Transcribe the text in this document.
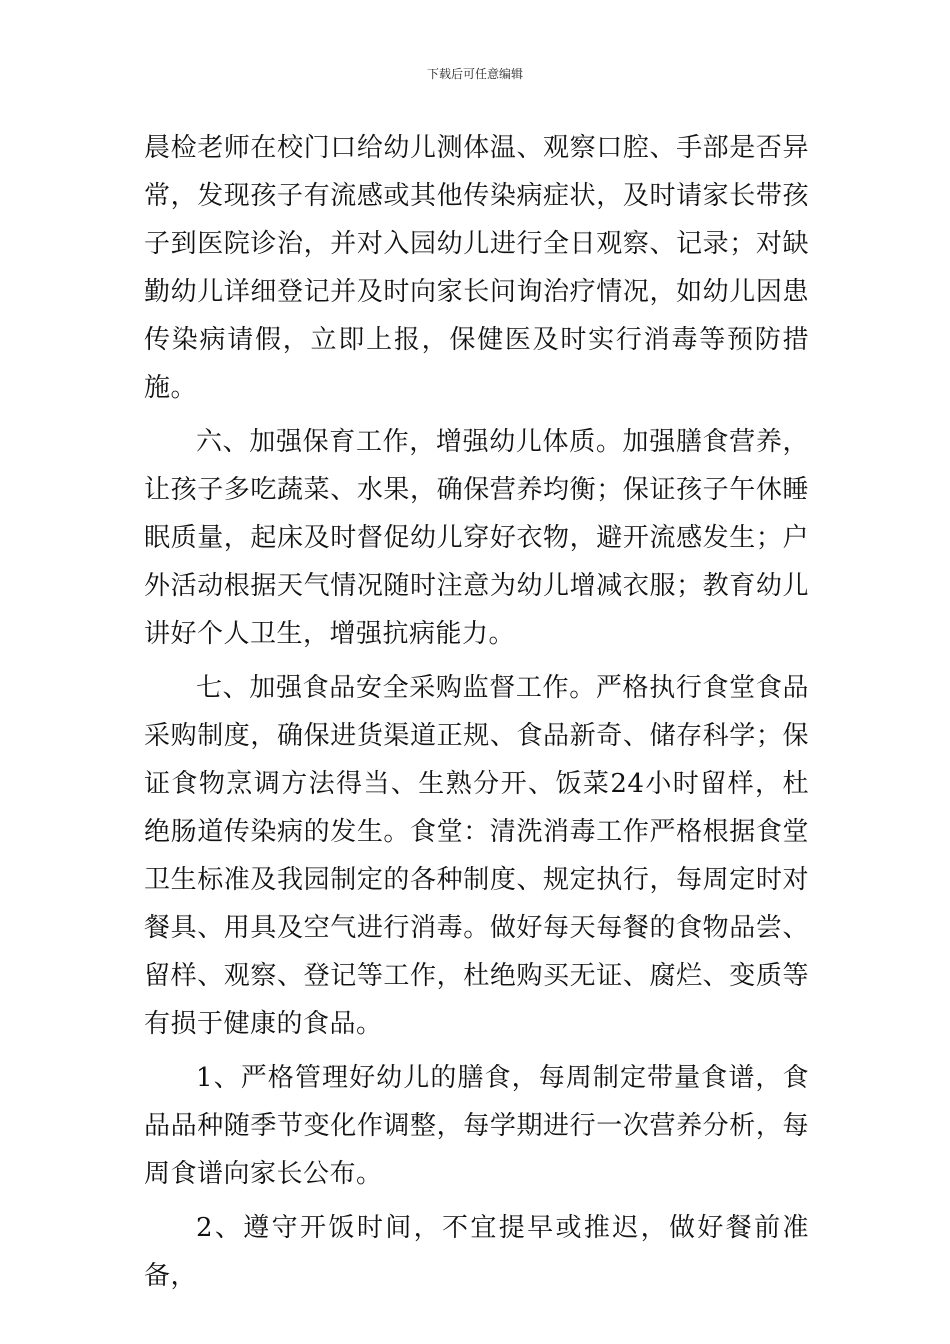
下载后可任意编辑

晨检老师在校门口给幼儿测体温、观察口腔、手部是否异常，发现孩子有流感或其他传染病症状，及时请家长带孩子到医院诊治，并对入园幼儿进行全日观察、记录；对缺勤幼儿详细登记并及时向家长问询治疗情况，如幼儿因患传染病请假，立即上报，保健医及时实行消毒等预防措施。

六、加强保育工作，增强幼儿体质。加强膳食营养，让孩子多吃蔬菜、水果，确保营养均衡；保证孩子午休睡眠质量，起床及时督促幼儿穿好衣物，避开流感发生；户外活动根据天气情况随时注意为幼儿增减衣服；教育幼儿讲好个人卫生，增强抗病能力。

七、加强食品安全采购监督工作。严格执行食堂食品采购制度，确保进货渠道正规、食品新奇、储存科学；保证食物烹调方法得当、生熟分开、饭菜24小时留样，杜绝肠道传染病的发生。食堂：清洗消毒工作严格根据食堂卫生标准及我园制定的各种制度、规定执行，每周定时对餐具、用具及空气进行消毒。做好每天每餐的食物品尝、留样、观察、登记等工作，杜绝购买无证、腐烂、变质等有损于健康的食品。

1、严格管理好幼儿的膳食，每周制定带量食谱，食品品种随季节变化作调整，每学期进行一次营养分析，每周食谱向家长公布。

2、遵守开饭时间，不宜提早或推迟，做好餐前准备，
